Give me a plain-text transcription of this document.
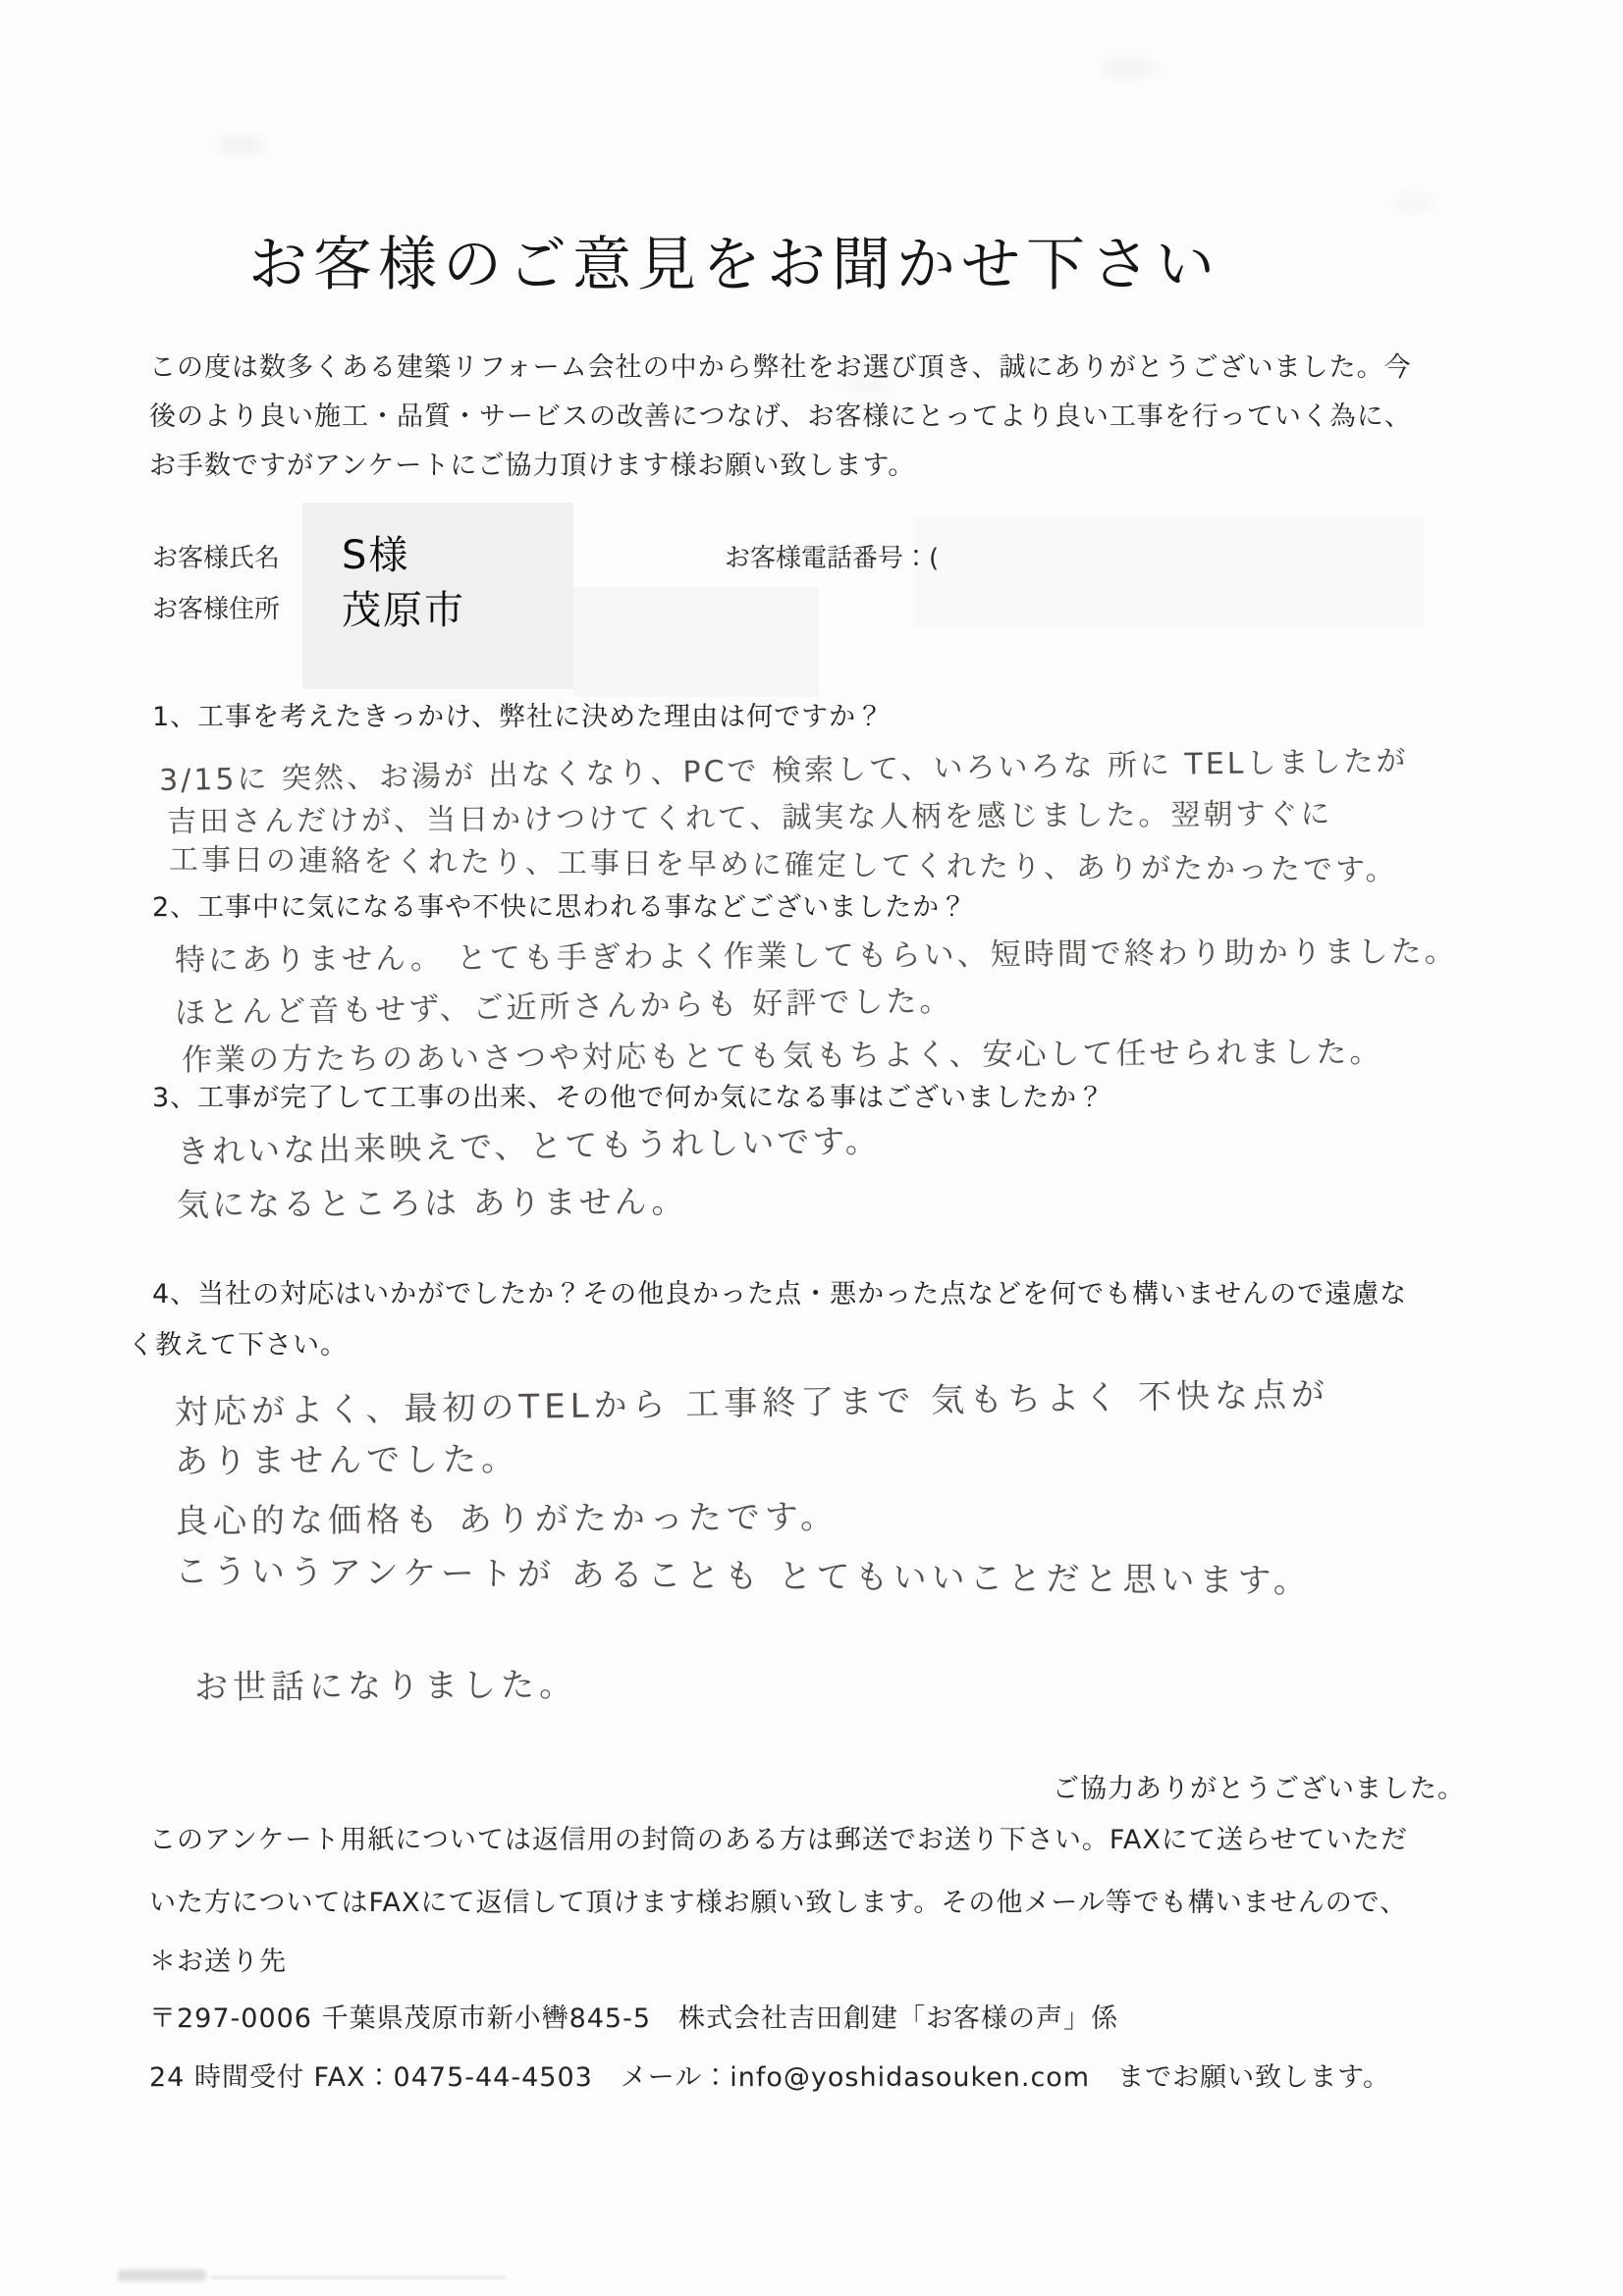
お客様のご意見をお聞かせ下さい
この度は数多くある建築リフォーム会社の中から弊社をお選び頂き、誠にありがとうございました。今
後のより良い施工・品質・サービスの改善につなげ、お客様にとってより良い工事を行っていく為に、
お手数ですがアンケートにご協力頂けます様お願い致します。
お客様氏名 S様	お客様電話番号：(
お客様住所 茂原市
1、工事を考えたきっかけ、弊社に決めた理由は何ですか？
3/15に 突然、お湯が 出なくなり、PCで 検索して、いろいろな 所に TELしましたが
吉田さんだけが、当日かけつけてくれて、誠実な人柄を感じました。翌朝すぐに
工事日の連絡をくれたり、工事日を早めに確定してくれたり、ありがたかったです。
2、工事中に気になる事や不快に思われる事などございましたか？
特にありません。 とても手ぎわよく作業してもらい、短時間で終わり助かりました。
ほとんど音もせず、ご近所さんからも 好評でした。
作業の方たちのあいさつや対応もとても気もちよく、安心して任せられました。
3、工事が完了して工事の出来、その他で何か気になる事はございましたか？
きれいな出来映えで、とてもうれしいです。
気になるところは ありません。
4、当社の対応はいかがでしたか？その他良かった点・悪かった点などを何でも構いませんので遠慮な
く教えて下さい。
対応がよく、最初のTELから 工事終了まで 気もちよく 不快な点が
ありませんでした。
良心的な価格も ありがたかったです。
こういうアンケートが あることも とてもいいことだと思います。
お世話になりました。
ご協力ありがとうございました。
このアンケート用紙については返信用の封筒のある方は郵送でお送り下さい。FAXにて送らせていただ
いた方についてはFAXにて返信して頂けます様お願い致します。その他メール等でも構いませんので、
＊お送り先
〒297-0006 千葉県茂原市新小轡845-5　株式会社吉田創建「お客様の声」係
24 時間受付 FAX：0475-44-4503　メール：info@yoshidasouken.com　までお願い致します。
